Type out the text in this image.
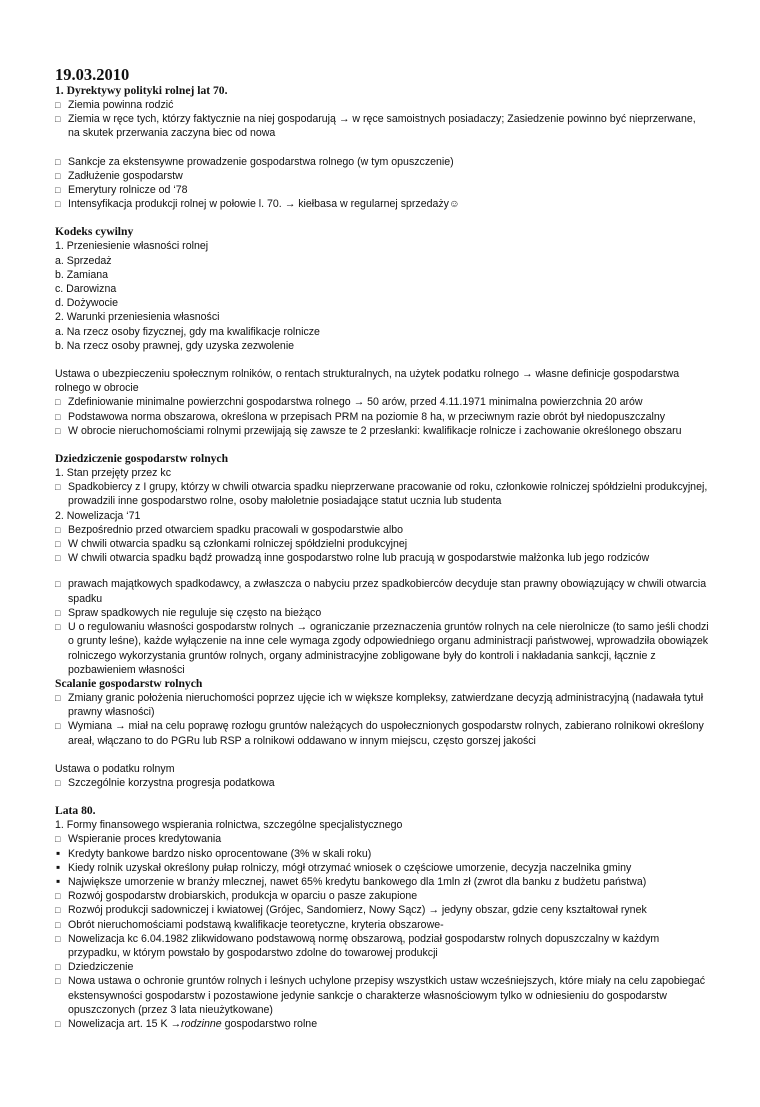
19.03.2010

1. Dyrektywy polityki rolnej lat 70.

□ Ziemia powinna rodzić

□ Ziemia w ręce tych, którzy faktycznie na niej gospodarują → w ręce samoistnych posiadaczy; Zasiedzenie powinno być nieprzerwane, na skutek przerwania zaczyna biec od nowa

□ Sankcje za ekstensywne prowadzenie gospodarstwa rolnego (w tym opuszczenie)

□ Zadłużenie gospodarstw

□ Emerytury rolnicze od ‘78

□ Intensyfikacja produkcji rolnej w połowie l. 70. → kiełbasa w regularnej sprzedaży☺

Kodeks cywilny

1. Przeniesienie własności rolnej

a. Sprzedaż

b. Zamiana

c. Darowizna

d. Dożywocie

2. Warunki przeniesienia własności

a. Na rzecz osoby fizycznej, gdy ma kwalifikacje rolnicze

b. Na rzecz osoby prawnej, gdy uzyska zezwolenie

Ustawa o ubezpieczeniu społecznym rolników, o rentach strukturalnych, na użytek podatku rolnego → własne definicje gospodarstwa rolnego w obrocie

□ Zdefiniowanie minimalne powierzchni gospodarstwa rolnego → 50 arów, przed 4.11.1971 minimalna powierzchnia 20 arów

□ Podstawowa norma obszarowa, określona w przepisach PRM na poziomie 8 ha, w przeciwnym razie obrót był niedopuszczalny

□ W obrocie nieruchomościami rolnymi przewijają się zawsze te 2 przesłanki: kwalifikacje rolnicze i zachowanie określonego obszaru

Dziedziczenie gospodarstw rolnych

1. Stan przejęty przez kc

□ Spadkobiercy z I grupy, którzy w chwili otwarcia spadku nieprzerwane pracowanie od roku, członkowie rolniczej spółdzielni produkcyjnej, prowadzili inne gospodarstwo rolne, osoby małoletnie posiadające statut ucznia lub studenta

2. Nowelizacja ‘71

□ Bezpośrednio przed otwarciem spadku pracowali w gospodarstwie albo

□ W chwili otwarcia spadku są członkami rolniczej spółdzielni produkcyjnej

□ W chwili otwarcia spadku bądź prowadzą inne gospodarstwo rolne lub pracują w gospodarstwie małżonka lub jego rodziców

□ prawach majątkowych spadkodawcy, a zwłaszcza o nabyciu przez spadkobierców decyduje stan prawny obowiązujący w chwili otwarcia spadku

□ Spraw spadkowych nie reguluje się często na bieżąco

□ U o regulowaniu własności gospodarstw rolnych → ograniczanie przeznaczenia gruntów rolnych na cele nierolnicze (to samo jeśli chodzi o grunty leśne), każde wyłączenie na inne cele wymaga zgody odpowiedniego organu administracji państwowej, wprowadziła obowiązek rolniczego wykorzystania gruntów rolnych, organy administracyjne zobligowane były do kontroli i nakładania sankcji, łącznie z pozbawieniem własności

Scalanie gospodarstw rolnych

□ Zmiany granic położenia nieruchomości poprzez ujęcie ich w większe kompleksy, zatwierdzane decyzją administracyjną (nadawała tytuł prawny własności)

□ Wymiana → miał na celu poprawę rozłogu gruntów należących do uspołecznionych gospodarstw rolnych, zabierano rolnikowi określony areał, włączano to do PGRu lub RSP a rolnikowi oddawano w innym miejscu, często gorszej jakości

Ustawa o podatku rolnym

□ Szczególnie korzystna progresja podatkowa

Lata 80.

1. Formy finansowego wspierania rolnictwa, szczególne specjalistycznego

□ Wspieranie proces kredytowania

▪ Kredyty bankowe bardzo nisko oprocentowane (3% w skali roku)

▪ Kiedy rolnik uzyskał określony pułap rolniczy, mógł otrzymać wniosek o częściowe umorzenie, decyzja naczelnika gminy

▪ Największe umorzenie w branży mlecznej, nawet 65% kredytu bankowego dla 1mln zł (zwrot dla banku z budżetu państwa)

□ Rozwój gospodarstw drobiarskich, produkcja w oparciu o pasze zakupione

□ Rozwój produkcji sadowniczej i kwiatowej (Grójec, Sandomierz, Nowy Sącz) → jedyny obszar, gdzie ceny kształtował rynek

□ Obrót nieruchomościami podstawą kwalifikacje teoretyczne, kryteria obszarowe-

□ Nowelizacja kc 6.04.1982 zlikwidowano podstawową normę obszarową, podział gospodarstw rolnych dopuszczalny w każdym przypadku, w którym powstało by gospodarstwo zdolne do towarowej produkcji

□ Dziedziczenie

□ Nowa ustawa o ochronie gruntów rolnych i leśnych uchylone przepisy wszystkich ustaw wcześniejszych, które miały na celu zapobiegać ekstensywności gospodarstw i pozostawione jedynie sankcje o charakterze własnościowym tylko w odniesieniu do gospodarstw opuszczonych (przez 3 lata nieużytkowane)

□ Nowelizacja art. 15 K →rodzinne gospodarstwo rolne
